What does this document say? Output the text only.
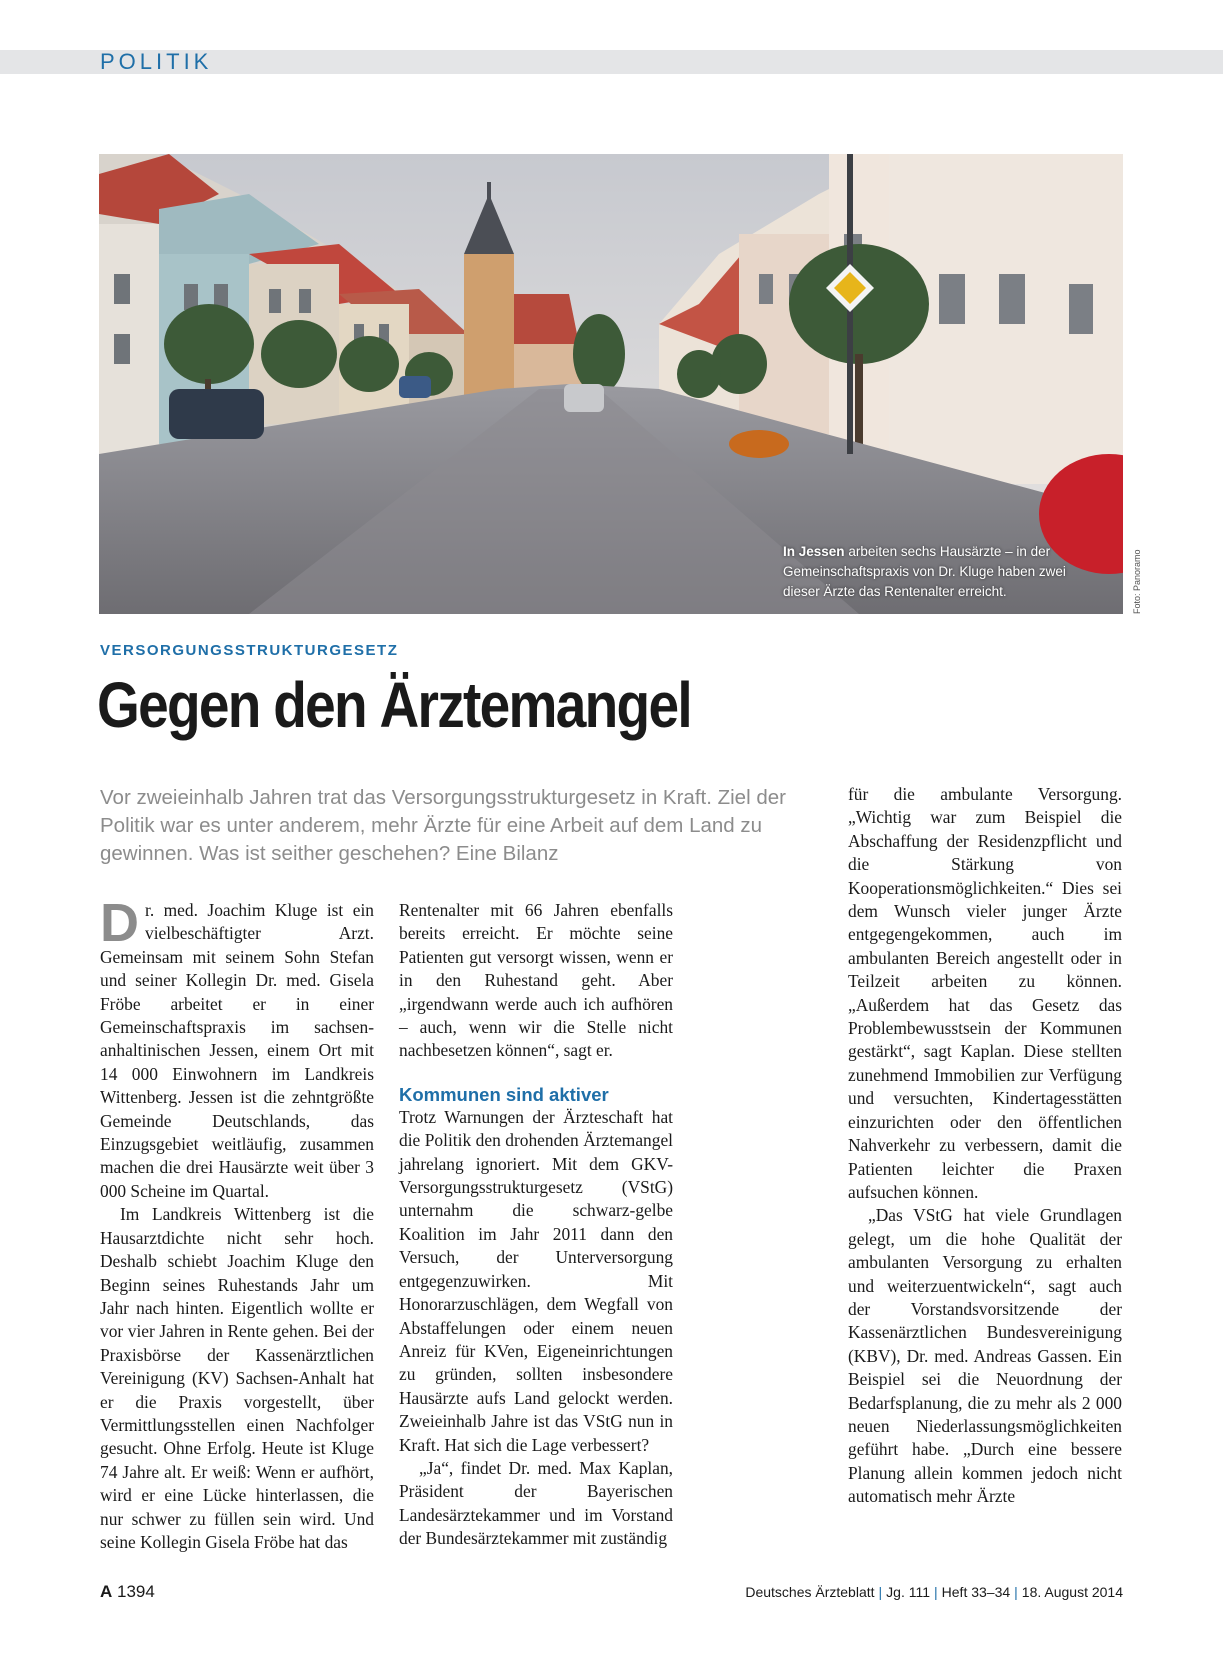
POLITIK
In Jessen arbeiten sechs Hausärzte – in der Gemeinschaftspraxis von Dr. Kluge haben zwei dieser Ärzte das Rentenalter erreicht.	Foto: Panoramo
VERSORGUNGSSTRUKTURGESETZ
Gegen den Ärztemangel

Vor zweieinhalb Jahren trat das Versorgungsstrukturgesetz in Kraft. Ziel der Politik war es unter anderem, mehr Ärzte für eine Arbeit auf dem Land zu gewinnen. Was ist seither geschehen? Eine Bilanz

Dr. med. Joachim Kluge ist ein vielbeschäftigter Arzt. Gemeinsam mit seinem Sohn Stefan und seiner Kollegin Dr. med. Gisela Fröbe arbeitet er in einer Gemeinschaftspraxis im sachsen-anhaltinischen Jessen, einem Ort mit 14 000 Einwohnern im Landkreis Wittenberg. Jessen ist die zehntgrößte Gemeinde Deutschlands, das Einzugsgebiet weitläufig, zusammen machen die drei Hausärzte weit über 3 000 Scheine im Quartal.

Im Landkreis Wittenberg ist die Hausarztdichte nicht sehr hoch. Deshalb schiebt Joachim Kluge den Beginn seines Ruhestands Jahr um Jahr nach hinten. Eigentlich wollte er vor vier Jahren in Rente gehen. Bei der Praxisbörse der Kassenärztlichen Vereinigung (KV) Sachsen-Anhalt hat er die Praxis vorgestellt, über Vermittlungsstellen einen Nachfolger gesucht. Ohne Erfolg. Heute ist Kluge 74 Jahre alt. Er weiß: Wenn er aufhört, wird er eine Lücke hinterlassen, die nur schwer zu füllen sein wird. Und seine Kollegin Gisela Fröbe hat das

Rentenalter mit 66 Jahren ebenfalls bereits erreicht. Er möchte seine Patienten gut versorgt wissen, wenn er in den Ruhestand geht. Aber „irgendwann werde auch ich aufhören – auch, wenn wir die Stelle nicht nachbesetzen können“, sagt er.

Kommunen sind aktiver

Trotz Warnungen der Ärzteschaft hat die Politik den drohenden Ärztemangel jahrelang ignoriert. Mit dem GKV-Versorgungsstrukturgesetz (VStG) unternahm die schwarz-gelbe Koalition im Jahr 2011 dann den Versuch, der Unterversorgung entgegenzuwirken. Mit Honorarzuschlägen, dem Wegfall von Abstaffelungen oder einem neuen Anreiz für KVen, Eigeneinrichtungen zu gründen, sollten insbesondere Hausärzte aufs Land gelockt werden. Zweieinhalb Jahre ist das VStG nun in Kraft. Hat sich die Lage verbessert?

„Ja“, findet Dr. med. Max Kaplan, Präsident der Bayerischen Landesärztekammer und im Vorstand der Bundesärztekammer mit zuständig

für die ambulante Versorgung. „Wichtig war zum Beispiel die Abschaffung der Residenzpflicht und die Stärkung von Kooperationsmöglichkeiten.“ Dies sei dem Wunsch vieler junger Ärzte entgegengekommen, auch im ambulanten Bereich angestellt oder in Teilzeit arbeiten zu können. „Außerdem hat das Gesetz das Problembewusstsein der Kommunen gestärkt“, sagt Kaplan. Diese stellten zunehmend Immobilien zur Verfügung und versuchten, Kindertagesstätten einzurichten oder den öffentlichen Nahverkehr zu verbessern, damit die Patienten leichter die Praxen aufsuchen können.

„Das VStG hat viele Grundlagen gelegt, um die hohe Qualität der ambulanten Versorgung zu erhalten und weiterzuentwickeln“, sagt auch der Vorstandsvorsitzende der Kassenärztlichen Bundesvereinigung (KBV), Dr. med. Andreas Gassen. Ein Beispiel sei die Neuordnung der Bedarfsplanung, die zu mehr als 2 000 neuen Niederlassungsmöglichkeiten geführt habe. „Durch eine bessere Planung allein kommen jedoch nicht automatisch mehr Ärzte

A 1394	Deutsches Ärzteblatt | Jg. 111 | Heft 33–34 | 18. August 2014
